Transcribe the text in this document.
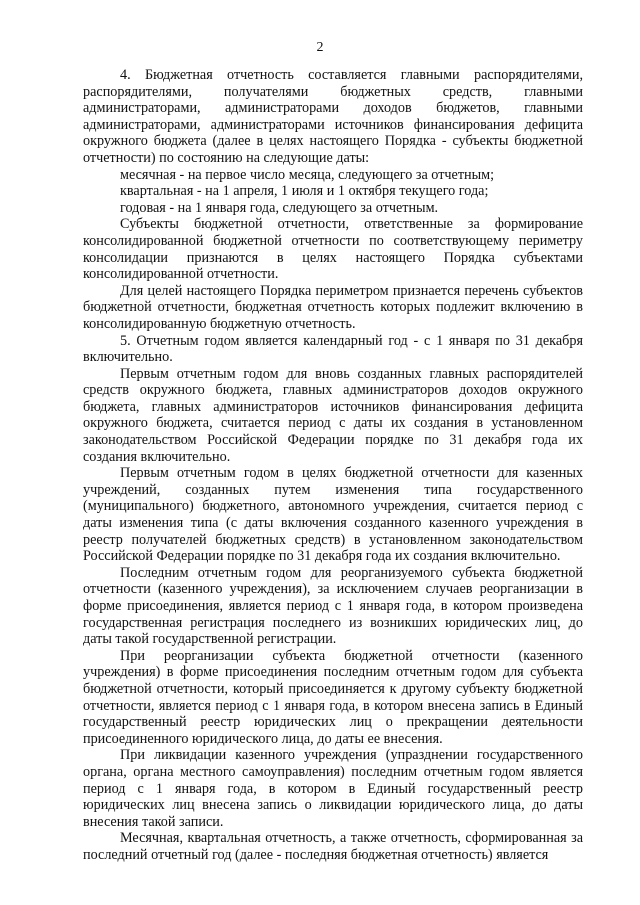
2

4. Бюджетная отчетность составляется главными распорядителями, распорядителями, получателями бюджетных средств, главными администраторами, администраторами доходов бюджетов, главными администраторами, администраторами источников финансирования дефицита окружного бюджета (далее в целях настоящего Порядка - субъекты бюджетной отчетности) по состоянию на следующие даты:

месячная - на первое число месяца, следующего за отчетным;

квартальная - на 1 апреля, 1 июля и 1 октября текущего года;

годовая - на 1 января года, следующего за отчетным.

Субъекты бюджетной отчетности, ответственные за формирование консолидированной бюджетной отчетности по соответствующему периметру консолидации признаются в целях настоящего Порядка субъектами консолидированной отчетности.

Для целей настоящего Порядка периметром признается перечень субъектов бюджетной отчетности, бюджетная отчетность которых подлежит включению в консолидированную бюджетную отчетность.

5. Отчетным годом является календарный год - с 1 января по 31 декабря включительно.

Первым отчетным годом для вновь созданных главных распорядителей средств окружного бюджета, главных администраторов доходов окружного бюджета, главных администраторов источников финансирования дефицита окружного бюджета, считается период с даты их создания в установленном законодательством Российской Федерации порядке по 31 декабря года их создания включительно.

Первым отчетным годом в целях бюджетной отчетности для казенных учреждений, созданных путем изменения типа государственного (муниципального) бюджетного, автономного учреждения, считается период с даты изменения типа (с даты включения созданного казенного учреждения в реестр получателей бюджетных средств) в установленном законодательством Российской Федерации порядке по 31 декабря года их создания включительно.

Последним отчетным годом для реорганизуемого субъекта бюджетной отчетности (казенного учреждения), за исключением случаев реорганизации в форме присоединения, является период с 1 января года, в котором произведена государственная регистрация последнего из возникших юридических лиц, до даты такой государственной регистрации.

При реорганизации субъекта бюджетной отчетности (казенного учреждения) в форме присоединения последним отчетным годом для субъекта бюджетной отчетности, который присоединяется к другому субъекту бюджетной отчетности, является период с 1 января года, в котором внесена запись в Единый государственный реестр юридических лиц о прекращении деятельности присоединенного юридического лица, до даты ее внесения.

При ликвидации казенного учреждения (упразднении государственного органа, органа местного самоуправления) последним отчетным годом является период с 1 января года, в котором в Единый государственный реестр юридических лиц внесена запись о ликвидации юридического лица, до даты внесения такой записи.

Месячная, квартальная отчетность, а также отчетность, сформированная за последний отчетный год (далее - последняя бюджетная отчетность) является
